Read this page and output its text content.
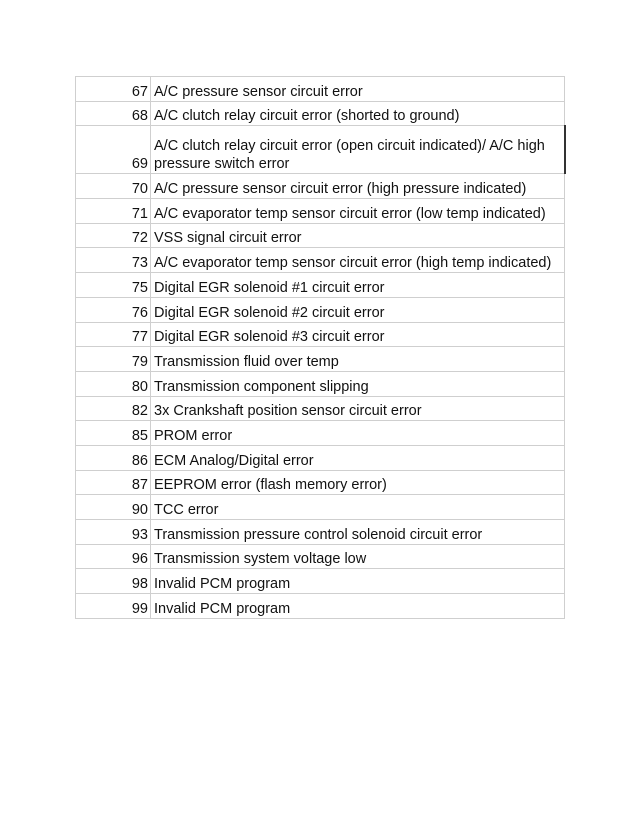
67	A/C pressure sensor circuit error
68	A/C clutch relay circuit error (shorted to ground)
69	A/C clutch relay circuit error (open circuit indicated)/ A/C high pressure switch error
70	A/C pressure sensor circuit error (high pressure indicated)
71	A/C evaporator temp sensor circuit error (low temp indicated)
72	VSS signal circuit error
73	A/C evaporator temp sensor circuit error (high temp indicated)
75	Digital EGR solenoid #1 circuit error
76	Digital EGR solenoid #2 circuit error
77	Digital EGR solenoid #3 circuit error
79	Transmission fluid over temp
80	Transmission component slipping
82	3x Crankshaft position sensor circuit error
85	PROM error
86	ECM Analog/Digital error
87	EEPROM error (flash memory error)
90	TCC error
93	Transmission pressure control solenoid circuit error
96	Transmission system voltage low
98	Invalid PCM program
99	Invalid PCM program
